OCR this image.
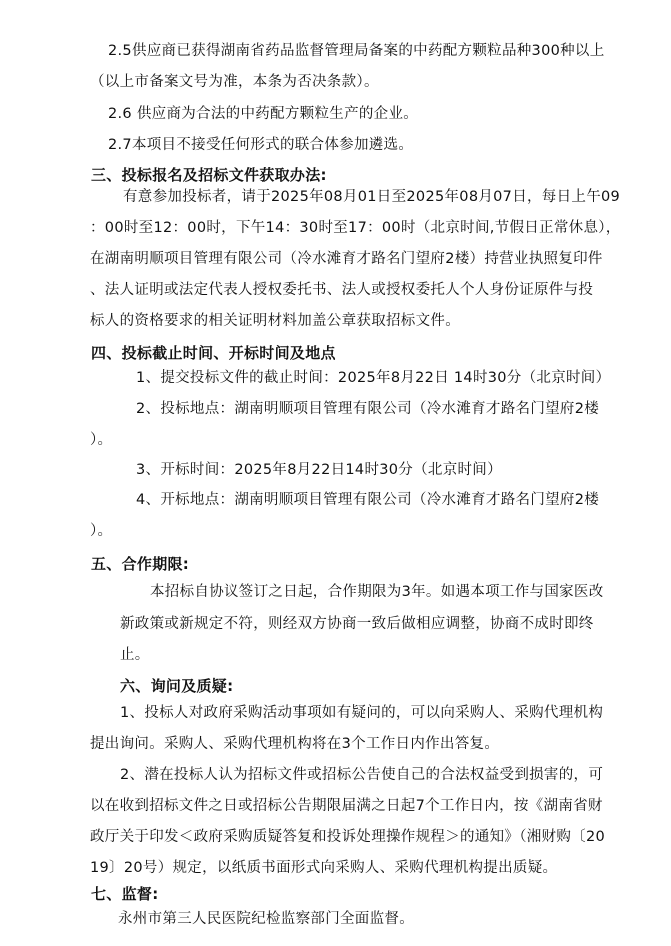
2.5供应商已获得湖南省药品监督管理局备案的中药配方颗粒品种300种以上
（以上市备案文号为准，本条为否决条款）。
2.6 供应商为合法的中药配方颗粒生产的企业。
2.7本项目不接受任何形式的联合体参加遴选。
三、投标报名及招标文件获取办法:
有意参加投标者，请于2025年08月01日至2025年08月07日，每日上午09
：00时至12：00时，下午14：30时至17：00时（北京时间,节假日正常休息），
在湖南明顺项目管理有限公司（冷水滩育才路名门望府2楼）持营业执照复印件
、法人证明或法定代表人授权委托书、法人或授权委托人个人身份证原件与投
标人的资格要求的相关证明材料加盖公章获取招标文件。
四、投标截止时间、开标时间及地点
1、提交投标文件的截止时间：2025年8月22日 14时30分（北京时间）
2、投标地点：湖南明顺项目管理有限公司（冷水滩育才路名门望府2楼
）。
3、开标时间：2025年8月22日14时30分（北京时间）
4、开标地点：湖南明顺项目管理有限公司（冷水滩育才路名门望府2楼
）。
五、合作期限:
本招标自协议签订之日起，合作期限为3年。如遇本项工作与国家医改
新政策或新规定不符，则经双方协商一致后做相应调整，协商不成时即终
止。
六、询问及质疑:
1、投标人对政府采购活动事项如有疑问的，可以向采购人、采购代理机构
提出询问。采购人、采购代理机构将在3个工作日内作出答复。
2、潜在投标人认为招标文件或招标公告使自己的合法权益受到损害的，可
以在收到招标文件之日或招标公告期限届满之日起7个工作日内，按《湖南省财
政厅关于印发＜政府采购质疑答复和投诉处理操作规程＞的通知》（湘财购〔20
19〕20号）规定，以纸质书面形式向采购人、采购代理机构提出质疑。
七、监督:
永州市第三人民医院纪检监察部门全面监督。
